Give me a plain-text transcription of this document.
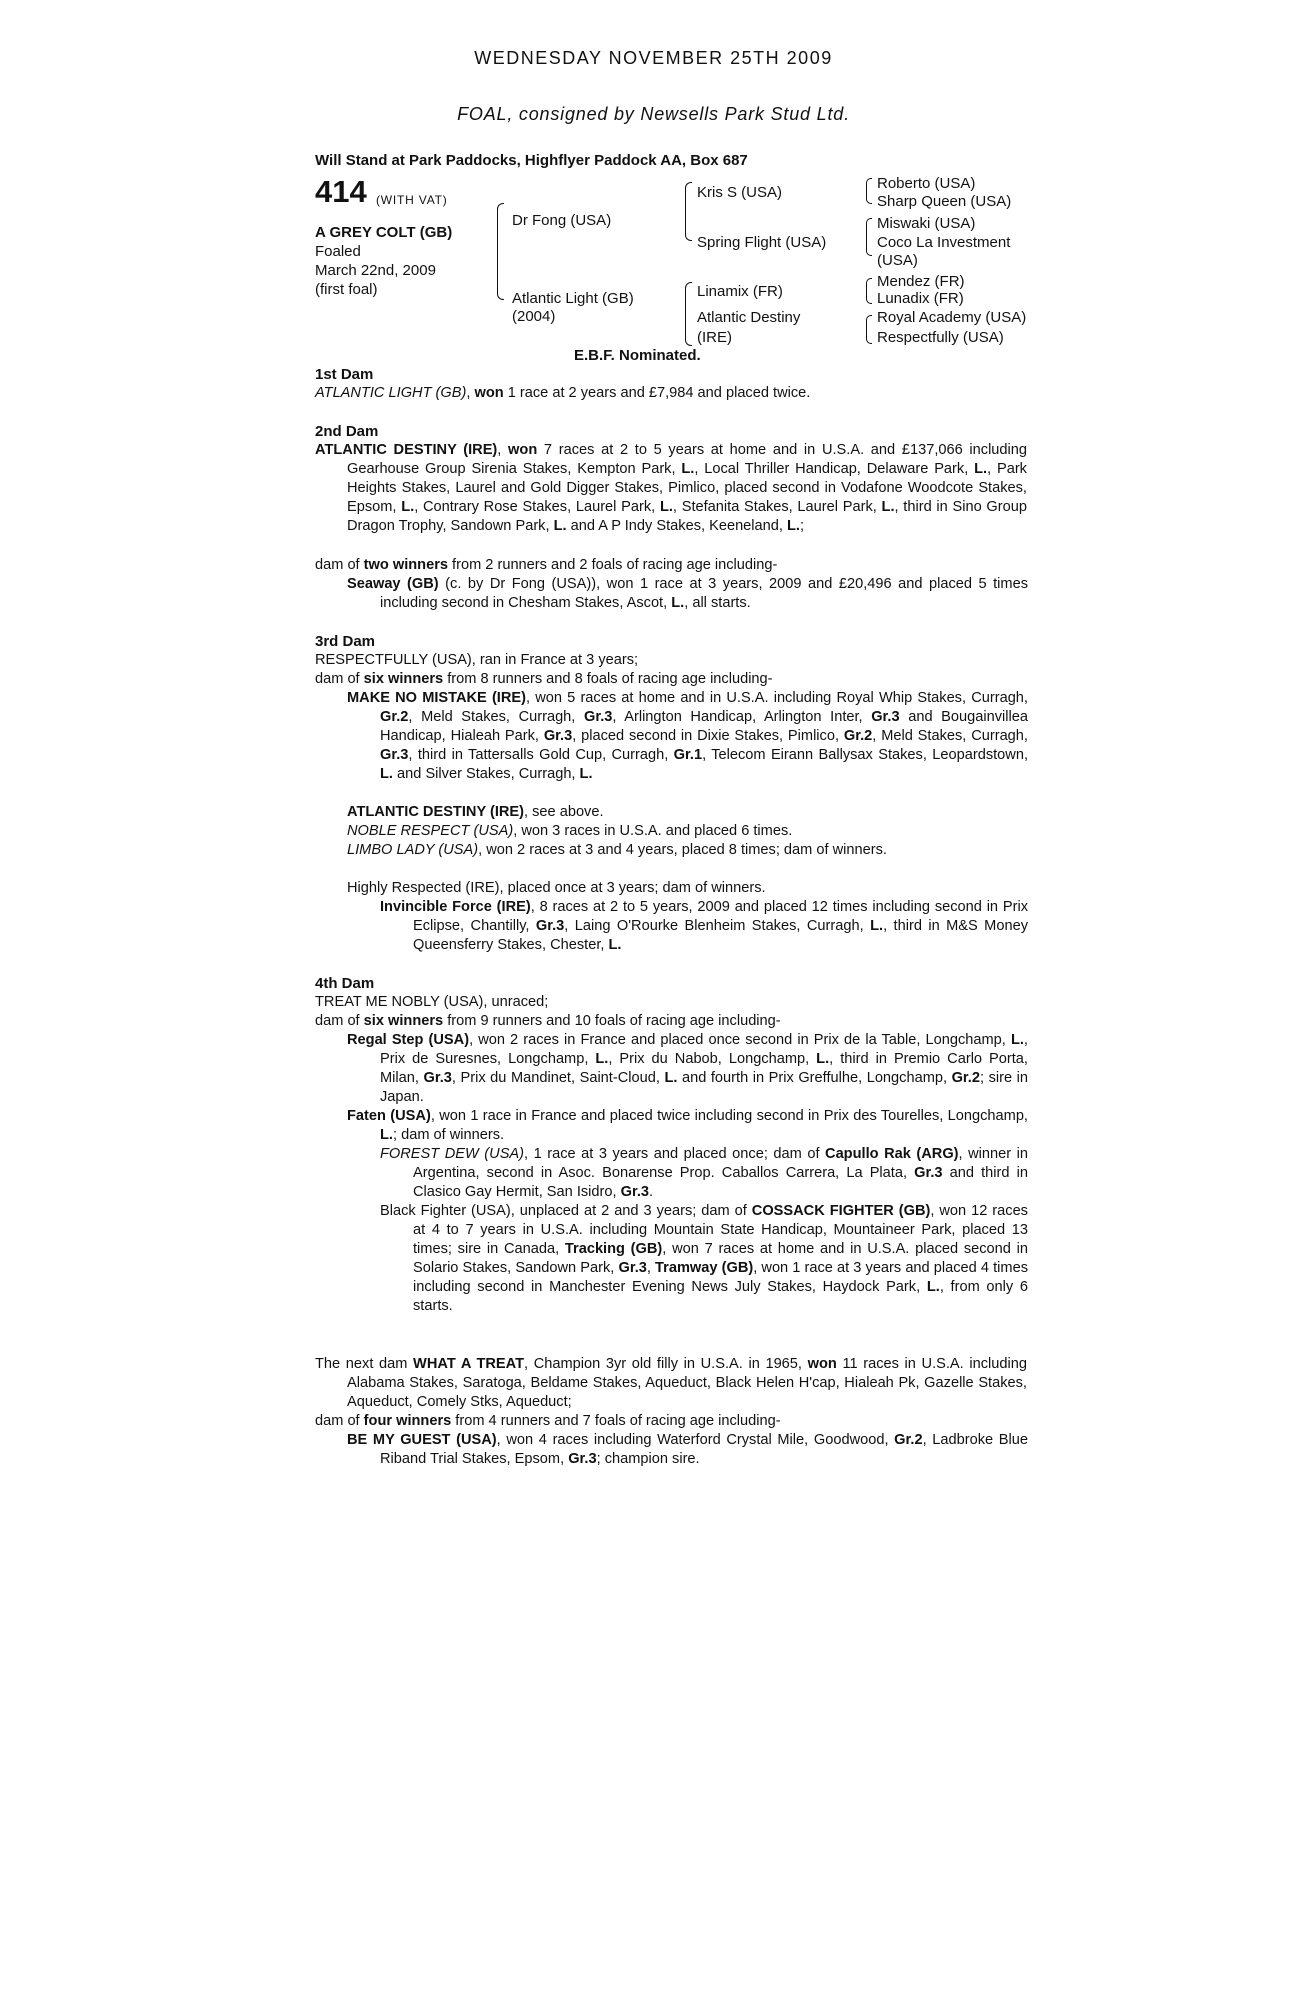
WEDNESDAY NOVEMBER 25TH 2009
FOAL, consigned by Newsells Park Stud Ltd.
Will Stand at Park Paddocks, Highflyer Paddock AA, Box 687
414 (WITH VAT)
A GREY COLT (GB)
Foaled
March 22nd, 2009
(first foal)
Dr Fong (USA)
Atlantic Light (GB)
(2004)
Kris S (USA)
Spring Flight (USA)
Linamix (FR)
Atlantic Destiny
(IRE)
Roberto (USA)
Sharp Queen (USA)
Miswaki (USA)
Coco La Investment
(USA)
Mendez (FR)
Lunadix (FR)
Royal Academy (USA)
Respectfully (USA)
E.B.F. Nominated.
1st Dam
ATLANTIC LIGHT (GB), won 1 race at 2 years and £7,984 and placed twice.
2nd Dam
ATLANTIC DESTINY (IRE), won 7 races at 2 to 5 years at home and in U.S.A. and £137,066 including Gearhouse Group Sirenia Stakes, Kempton Park, L., Local Thriller Handicap, Delaware Park, L., Park Heights Stakes, Laurel and Gold Digger Stakes, Pimlico, placed second in Vodafone Woodcote Stakes, Epsom, L., Contrary Rose Stakes, Laurel Park, L., Stefanita Stakes, Laurel Park, L., third in Sino Group Dragon Trophy, Sandown Park, L. and A P Indy Stakes, Keeneland, L.;
dam of two winners from 2 runners and 2 foals of racing age including-
Seaway (GB) (c. by Dr Fong (USA)), won 1 race at 3 years, 2009 and £20,496 and placed 5 times including second in Chesham Stakes, Ascot, L., all starts.
3rd Dam
RESPECTFULLY (USA), ran in France at 3 years;
dam of six winners from 8 runners and 8 foals of racing age including-
MAKE NO MISTAKE (IRE), won 5 races at home and in U.S.A. including Royal Whip Stakes, Curragh, Gr.2, Meld Stakes, Curragh, Gr.3, Arlington Handicap, Arlington Inter, Gr.3 and Bougainvillea Handicap, Hialeah Park, Gr.3, placed second in Dixie Stakes, Pimlico, Gr.2, Meld Stakes, Curragh, Gr.3, third in Tattersalls Gold Cup, Curragh, Gr.1, Telecom Eirann Ballysax Stakes, Leopardstown, L. and Silver Stakes, Curragh, L.
ATLANTIC DESTINY (IRE), see above.
NOBLE RESPECT (USA), won 3 races in U.S.A. and placed 6 times.
LIMBO LADY (USA), won 2 races at 3 and 4 years, placed 8 times; dam of winners.
Highly Respected (IRE), placed once at 3 years; dam of winners.
Invincible Force (IRE), 8 races at 2 to 5 years, 2009 and placed 12 times including second in Prix Eclipse, Chantilly, Gr.3, Laing O'Rourke Blenheim Stakes, Curragh, L., third in M&S Money Queensferry Stakes, Chester, L.
4th Dam
TREAT ME NOBLY (USA), unraced;
dam of six winners from 9 runners and 10 foals of racing age including-
Regal Step (USA), won 2 races in France and placed once second in Prix de la Table, Longchamp, L., Prix de Suresnes, Longchamp, L., Prix du Nabob, Longchamp, L., third in Premio Carlo Porta, Milan, Gr.3, Prix du Mandinet, Saint-Cloud, L. and fourth in Prix Greffulhe, Longchamp, Gr.2; sire in Japan.
Faten (USA), won 1 race in France and placed twice including second in Prix des Tourelles, Longchamp, L.; dam of winners.
FOREST DEW (USA), 1 race at 3 years and placed once; dam of Capullo Rak (ARG), winner in Argentina, second in Asoc. Bonarense Prop. Caballos Carrera, La Plata, Gr.3 and third in Clasico Gay Hermit, San Isidro, Gr.3.
Black Fighter (USA), unplaced at 2 and 3 years; dam of COSSACK FIGHTER (GB), won 12 races at 4 to 7 years in U.S.A. including Mountain State Handicap, Mountaineer Park, placed 13 times; sire in Canada, Tracking (GB), won 7 races at home and in U.S.A. placed second in Solario Stakes, Sandown Park, Gr.3, Tramway (GB), won 1 race at 3 years and placed 4 times including second in Manchester Evening News July Stakes, Haydock Park, L., from only 6 starts.
The next dam WHAT A TREAT, Champion 3yr old filly in U.S.A. in 1965, won 11 races in U.S.A. including Alabama Stakes, Saratoga, Beldame Stakes, Aqueduct, Black Helen H'cap, Hialeah Pk, Gazelle Stakes, Aqueduct, Comely Stks, Aqueduct;
dam of four winners from 4 runners and 7 foals of racing age including-
BE MY GUEST (USA), won 4 races including Waterford Crystal Mile, Goodwood, Gr.2, Ladbroke Blue Riband Trial Stakes, Epsom, Gr.3; champion sire.
